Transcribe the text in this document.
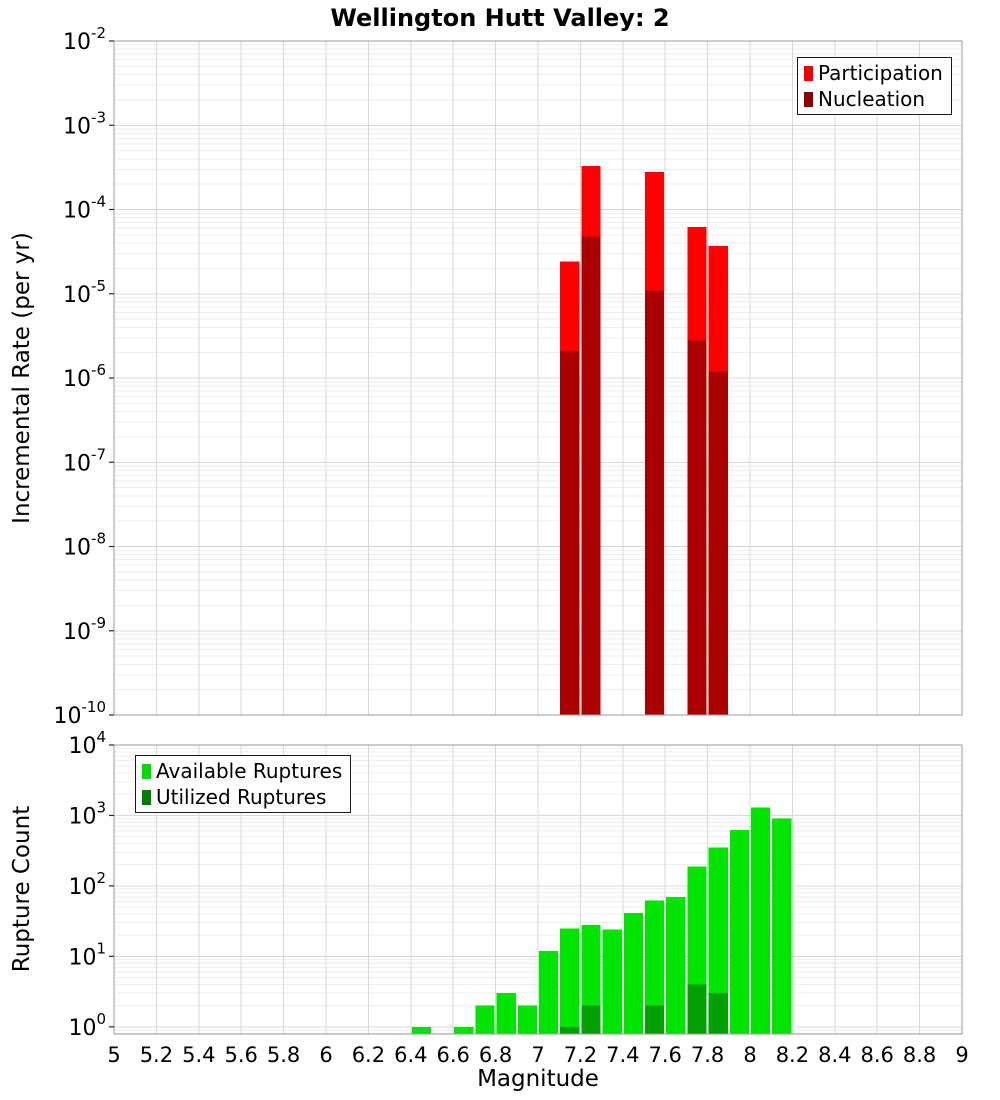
Wellington Hutt Valley: 2
$10^{-2}$
$10^{-3}$
$10^{-4}$
$10^{-5}$
$10^{-6}$
$10^{-7}$
$10^{-8}$
$10^{-9}$
$10^{-10}$
$10^4$
$10^3$
$10^2$
$10^1$
$10^0$
5 5.2 5.4 5.6 5.8 6 6.2 6.4 6.6 6.8 7 7.2 7.4 7.6 7.8 8 8.2 8.4 8.6 8.8 9
Incremental Rate (per yr)
Rupture Count
Magnitude
Participation
Nucleation
Available Ruptures
Utilized Ruptures
